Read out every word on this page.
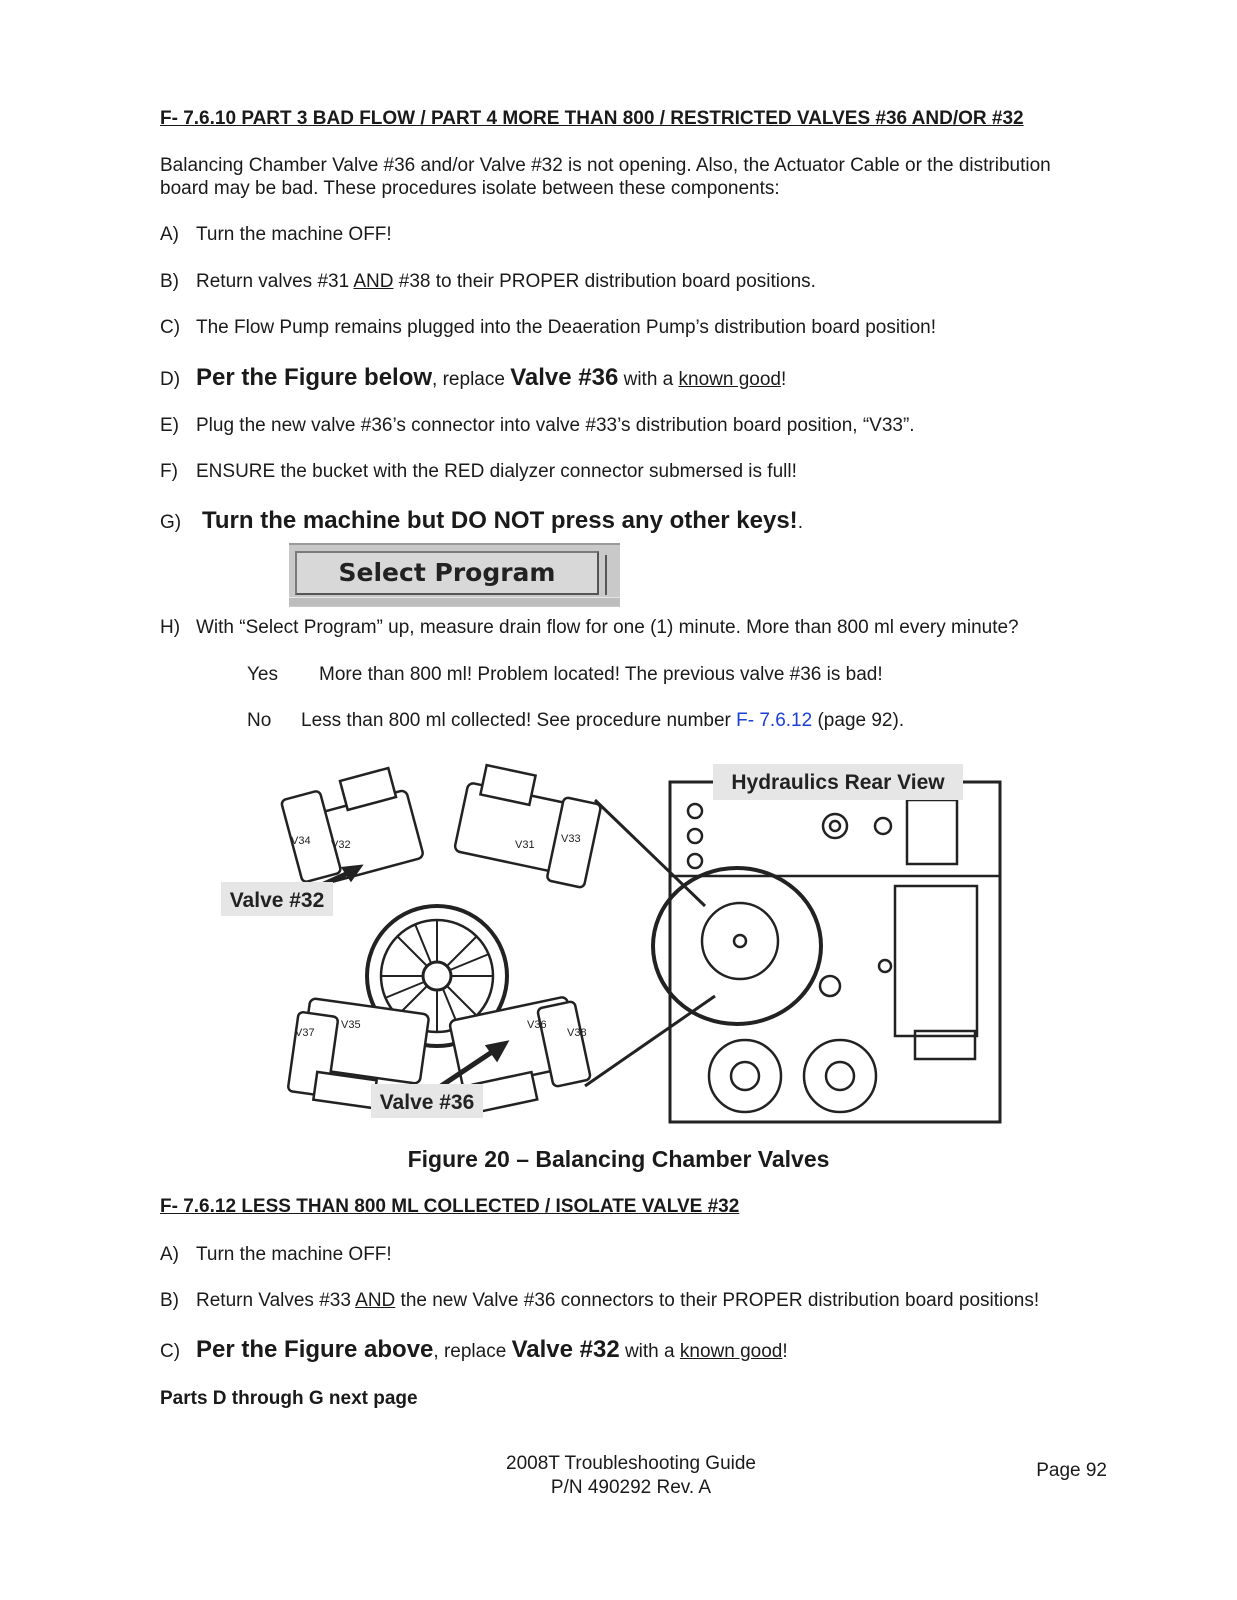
F- 7.6.10 PART 3 BAD FLOW / PART 4 MORE THAN 800 / RESTRICTED VALVES #36 AND/OR #32
Balancing Chamber Valve #36 and/or Valve #32 is not opening. Also, the Actuator Cable or the distribution
board may be bad. These procedures isolate between these components:
A) Turn the machine OFF!
B) Return valves #31 AND #38 to their PROPER distribution board positions.
C) The Flow Pump remains plugged into the Deaeration Pump’s distribution board position!
D) Per the Figure below, replace Valve #36 with a known good!
E) Plug the new valve #36’s connector into valve #33’s distribution board position, “V33”.
F) ENSURE the bucket with the RED dialyzer connector submersed is full!
G) Turn the machine but DO NOT press any other keys!.
Select Program
H) With “Select Program” up, measure drain flow for one (1) minute. More than 800 ml every minute?
Yes More than 800 ml! Problem located! The previous valve #36 is bad!
No Less than 800 ml collected! See procedure number F- 7.6.12 (page 92).
Hydraulics Rear View
Valve #32
Valve #36
V34 V32	V31 V33
V37
V35	V36
V38
Figure 20 – Balancing Chamber Valves
F- 7.6.12 LESS THAN 800 ML COLLECTED / ISOLATE VALVE #32
A) Turn the machine OFF!
B) Return Valves #33 AND the new Valve #36 connectors to their PROPER distribution board positions!
C) Per the Figure above, replace Valve #32 with a known good!
Parts D through G next page
2008T Troubleshooting Guide
P/N 490292 Rev. A
Page 92
